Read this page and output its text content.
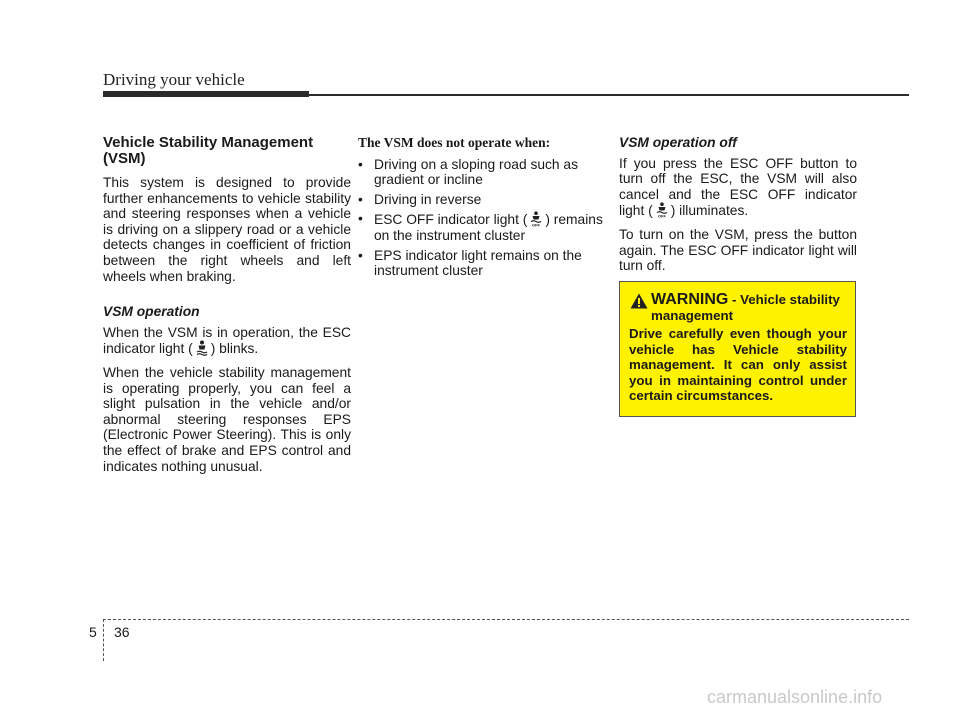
Driving your vehicle
Vehicle Stability Management (VSM)

This system is designed to provide further enhancements to vehicle stability and steering responses when a vehicle is driving on a slippery road or a vehicle detects changes in coefficient of friction between the right wheels and left wheels when braking.

VSM operation

When the VSM is in operation, the ESC indicator light ( ) blinks.

When the vehicle stability management is operating properly, you can feel a slight pulsation in the vehicle and/or abnormal steering responses EPS (Electronic Power Steering). This is only the effect of brake and EPS control and indicates nothing unusual.

The VSM does not operate when:
• Driving on a sloping road such as gradient or incline
• Driving in reverse
• ESC OFF indicator light ( OFF ) remains on the instrument cluster
• EPS indicator light remains on the instrument cluster
VSM operation off

If you press the ESC OFF button to turn off the ESC, the VSM will also cancel and the ESC OFF indicator light ( OFF ) illuminates.

To turn on the VSM, press the button again. The ESC OFF indicator light will turn off.

WARNING - Vehicle stability management
Drive carefully even though your vehicle has Vehicle stability management. It can only assist you in maintaining control under certain circumstances.
5 36
carmanualsonline.info
